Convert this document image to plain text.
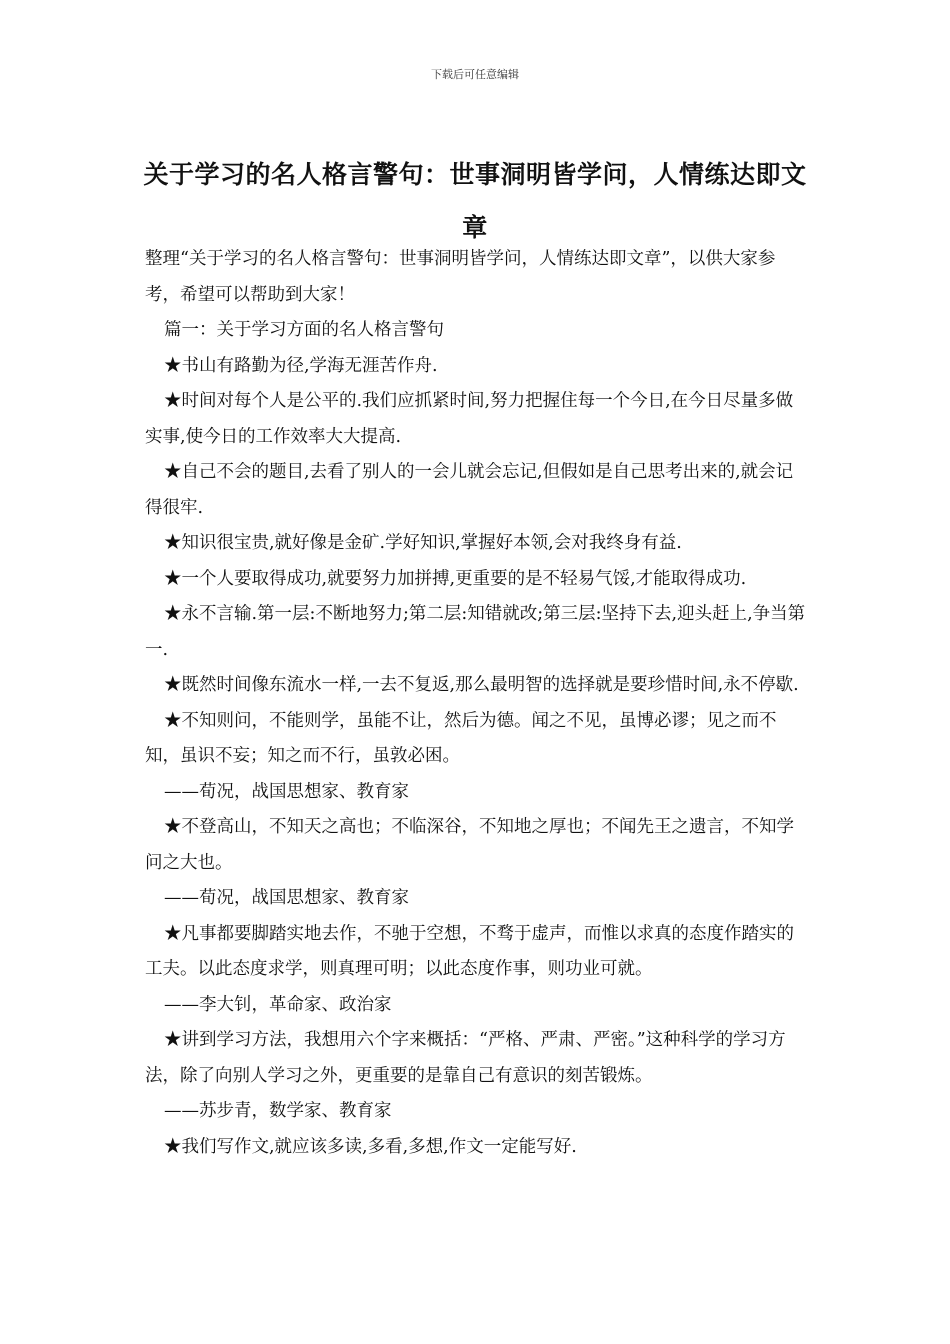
下载后可任意编辑
关于学习的名人格言警句：世事洞明皆学问，人情练达即文章

整理“关于学习的名人格言警句：世事洞明皆学问，人情练达即文章”，以供大家参考，希望可以帮助到大家！

篇一：关于学习方面的名人格言警句

★书山有路勤为径,学海无涯苦作舟.

★时间对每个人是公平的.我们应抓紧时间,努力把握住每一个今日,在今日尽量多做实事,使今日的工作效率大大提高.

★自己不会的题目,去看了别人的一会儿就会忘记,但假如是自己思考出来的,就会记得很牢.

★知识很宝贵,就好像是金矿.学好知识,掌握好本领,会对我终身有益.

★一个人要取得成功,就要努力加拼搏,更重要的是不轻易气馁,才能取得成功.

★永不言输.第一层:不断地努力;第二层:知错就改;第三层:坚持下去,迎头赶上,争当第一.

★既然时间像东流水一样,一去不复返,那么最明智的选择就是要珍惜时间,永不停歇.

★不知则问，不能则学，虽能不让，然后为德。闻之不见，虽博必谬；见之而不知，虽识不妄；知之而不行，虽敦必困。

——荀况，战国思想家、教育家

★不登高山，不知天之高也；不临深谷，不知地之厚也；不闻先王之遗言，不知学问之大也。

——荀况，战国思想家、教育家

★凡事都要脚踏实地去作，不驰于空想，不骛于虚声，而惟以求真的态度作踏实的工夫。以此态度求学，则真理可明；以此态度作事，则功业可就。

——李大钊，革命家、政治家

★讲到学习方法，我想用六个字来概括：“严格、严肃、严密。”这种科学的学习方法，除了向别人学习之外，更重要的是靠自己有意识的刻苦锻炼。

——苏步青，数学家、教育家

★我们写作文,就应该多读,多看,多想,作文一定能写好.
